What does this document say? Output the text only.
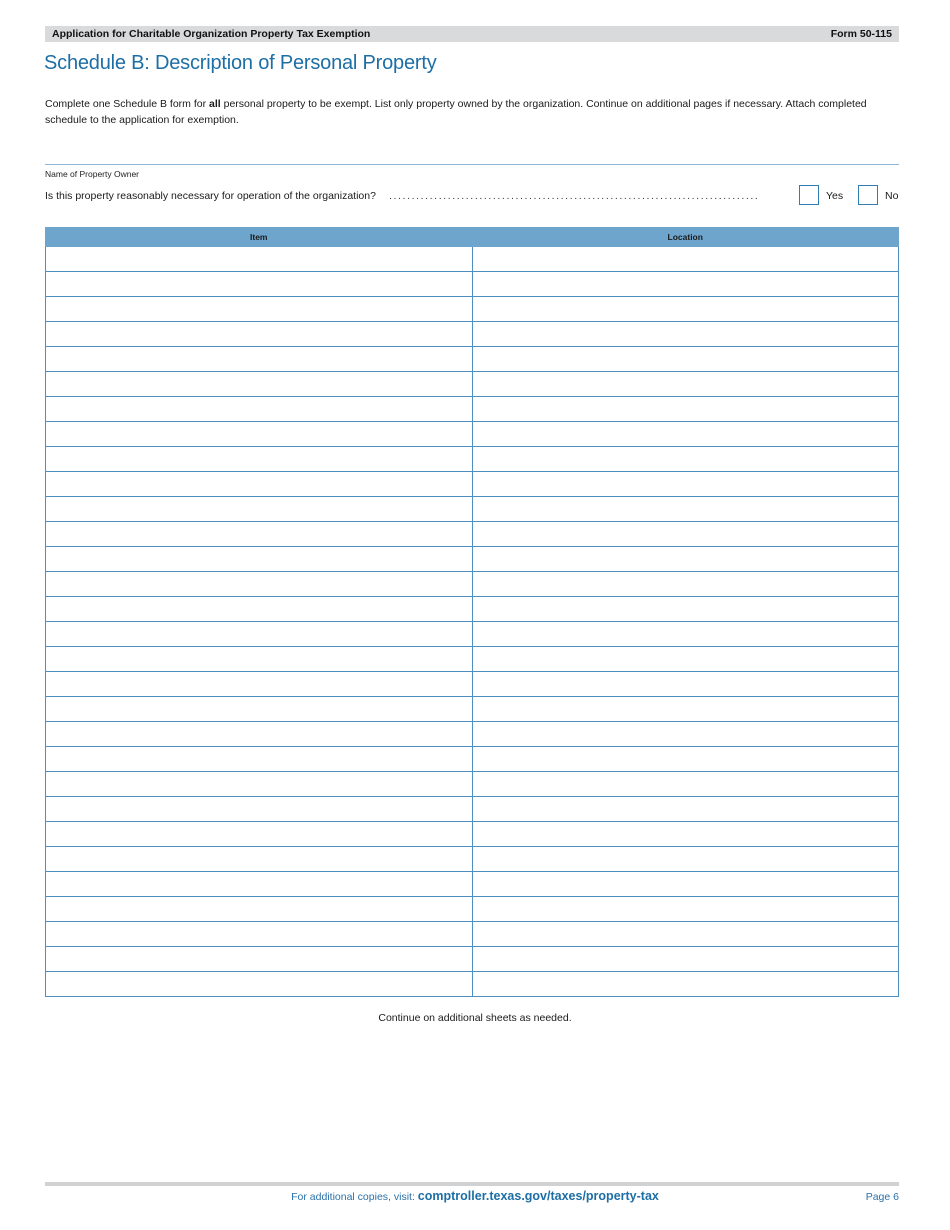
Application for Charitable Organization Property Tax Exemption	Form 50-115
Schedule B: Description of Personal Property

Complete one Schedule B form for all personal property to be exempt. List only property owned by the organization. Continue on additional pages if necessary. Attach completed schedule to the application for exemption.

Name of Property Owner
Is this property reasonably necessary for operation of the organization? ..................................................................................	Yes	No
Item	Location

Continue on additional sheets as needed.
For additional copies, visit: comptroller.texas.gov/taxes/property-tax	Page 6
